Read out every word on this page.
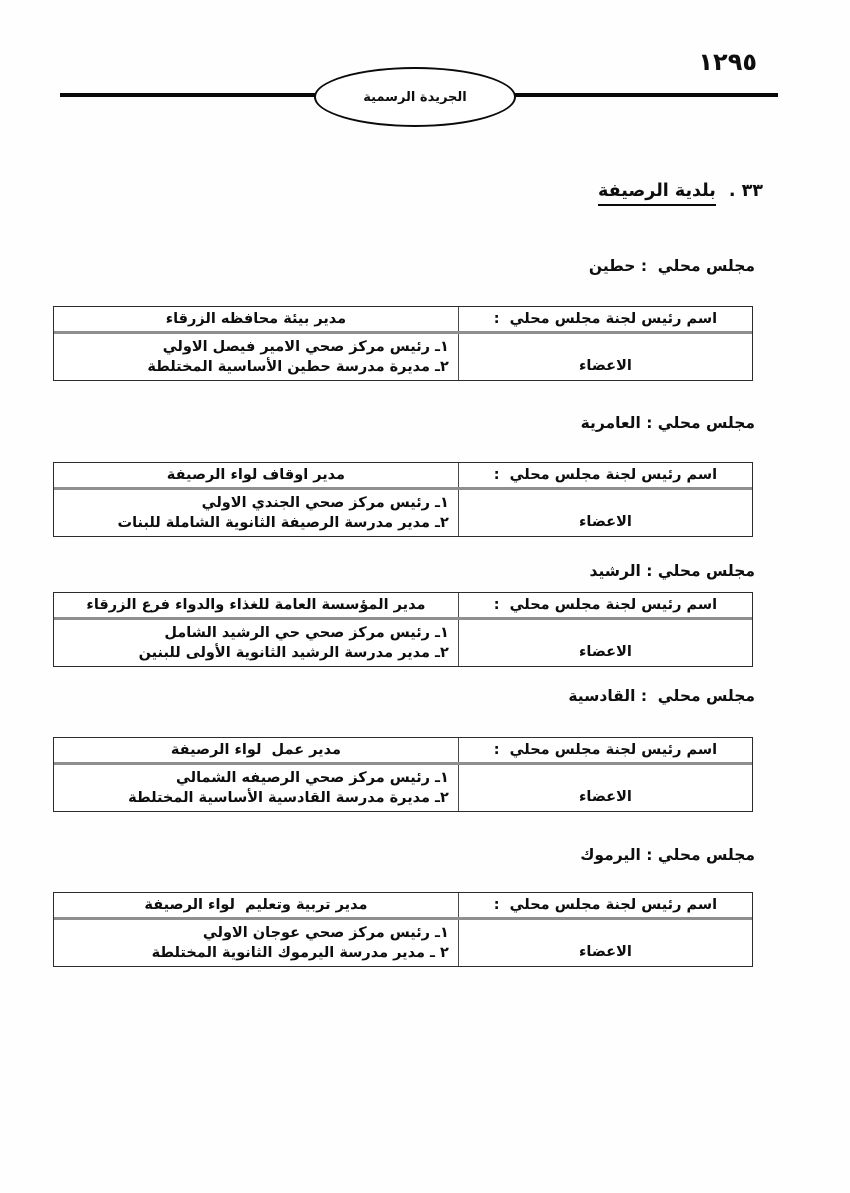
١٢٩٥
الجريدة الرسمية
٣٣ .
بلدية الرصيفة
مجلس محلي  : حطين
اسم رئيس لجنة مجلس محلي  :
مدير بيئة محافظه الزرقاء
الاعضاء
١ـ رئيس مركز صحي الامير فيصل الاولي
٢ـ مديرة مدرسة حطين الأساسية المختلطة
مجلس محلي : العامرية
اسم رئيس لجنة مجلس محلي  :
مدير اوقاف لواء الرصيفة
الاعضاء
١ـ رئيس مركز صحي الجندي الاولي
٢ـ مدير مدرسة الرصيفة الثانوية الشاملة للبنات
مجلس محلي : الرشيد
اسم رئيس لجنة مجلس محلي  :
مدير المؤسسة العامة للغذاء والدواء فرع الزرقاء
الاعضاء
١ـ رئيس مركز صحي حي الرشيد الشامل
٢ـ مدير مدرسة الرشيد الثانوية الأولى للبنين
مجلس محلي  : القادسية
اسم رئيس لجنة مجلس محلي  :
مدير عمل  لواء الرصيفة
الاعضاء
١ـ رئيس مركز صحي الرصيفه الشمالي
٢ـ مديرة مدرسة القادسية الأساسية المختلطة
مجلس محلي : اليرموك
اسم رئيس لجنة مجلس محلي  :
مدير تربية وتعليم  لواء الرصيفة
الاعضاء
١ـ رئيس مركز صحي عوجان الاولي
٢ ـ مدير مدرسة اليرموك الثانوية المختلطة
